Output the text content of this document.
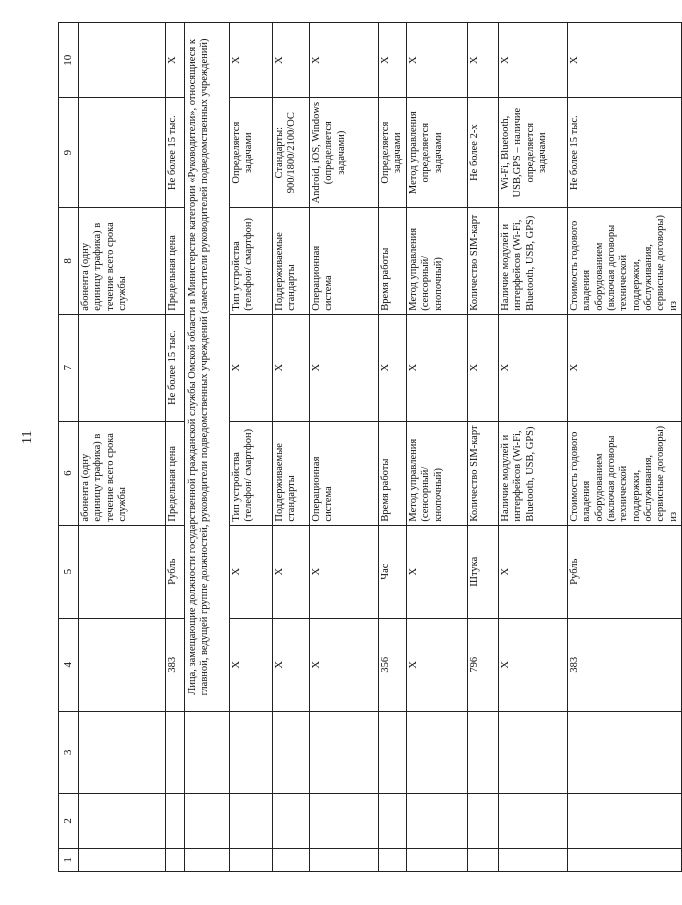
11
1	2	3	4	5	6	7	8	9	10
					абонента (одну единицу трафика) в течение всего срока службы		абонента (одну единицу трафика) в течение всего срока службы		
			383	Рубль	Предельная цена	Не более 15 тыс.	Предельная цена	Не более 15 тыс.	X
			Лица, замещающие должности государственной гражданской службы Омской области в Министерстве категории «Руководители», относящиеся к главной, ведущей группе должностей, руководители подведомственных учреждений (заместители руководителей подведомственных учреждений)						
			X	X	Тип устройства (телефон/ смартфон)	X	Тип устройства (телефон/ смартфон)	Определяется задачами	X
			X	X	Поддерживаемые стандарты	X	Поддерживаемые стандарты	Стандарты: 900/1800/2100/ОС	X
			X	X	Операционная система	X	Операционная система	Android, iOS, Windows (определяется задачами)	X
			356	Час	Время работы	X	Время работы	Определяется задачами	X
			X	X	Метод управления (сенсорный/ кнопочный)	X	Метод управления (сенсорный/ кнопочный)	Метод управления определяется задачами	X
			796	Штука	Количество SIM-карт	X	Количество SIM-карт	Не более 2-х	X
			X	X	Наличие модулей и интерфейсов (Wi-Fi, Bluetooth, USB, GPS)	X	Наличие модулей и интерфейсов (Wi-Fi, Bluetooth, USB, GPS)	Wi-Fi, Bluetooth, USB,GPS – наличие определяется задачами	X
			383	Рубль	Стоимость годового владения оборудованием (включая договоры технической поддержки, обслуживания, сервисные договоры) из	X	Стоимость годового владения оборудованием (включая договоры технической поддержки, обслуживания, сервисные договоры) из	Не более 15 тыс.	X
